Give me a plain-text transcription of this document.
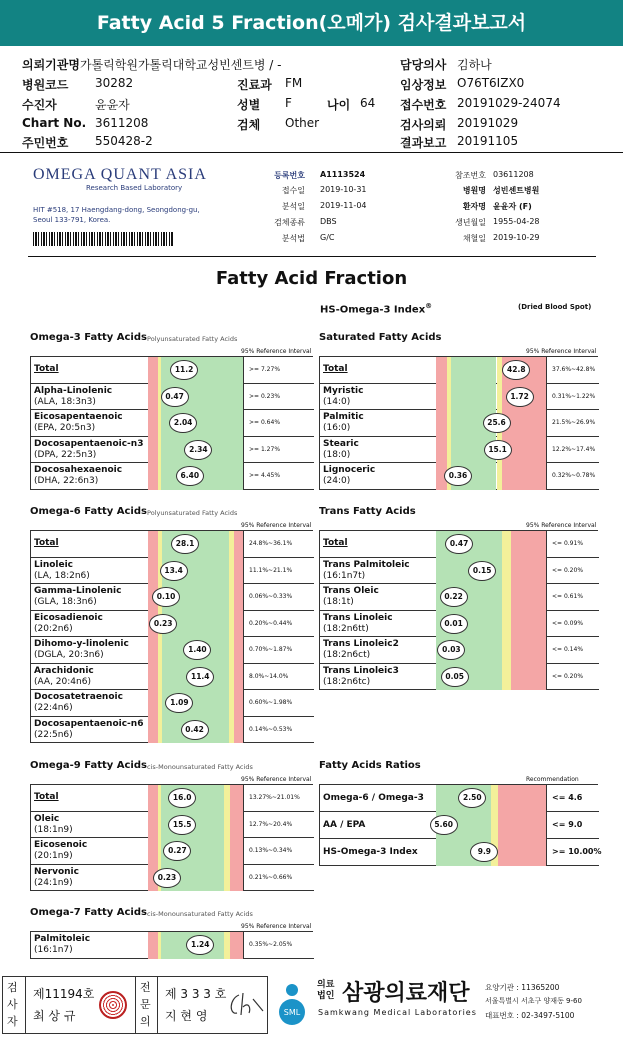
Fatty Acid 5 Fraction(오메가) 검사결과보고서
의뢰기관명 가톨릭학원가톨릭대학교성빈센트병 / -	담당의사 김하나
병원코드 30282	진료과 FM	임상정보 O76T6IZX0
수진자	윤윤자	성별 F	나이 64 접수번호 20191029-24074
Chart No. 3611208	검체 Other	검사의뢰 20191029
주민번호 550428-2	결과보고 20191105
OMEGA QUANT ASIA
Research Based Laboratory
HIT #518, 17 Haengdang-dong, Seongdong-gu,
Seoul 133-791, Korea.
등록번호 A1113524
접수일 2019-10-31
분석일 2019-11-04
검체종류 DBS
분석법 G/C
참조번호 03611208
병원명 성빈센트병원
환자명 윤윤자 (F)
생년월일 1955-04-28
채혈일 2019-10-29
Fatty Acid Fraction
HS-Omega-3 Index®	(Dried Blood Spot)
Omega-3 Fatty Acids Polyunsaturated Fatty Acids
95% Reference Interval
Total	11.2	>= 7.27%
Alpha-Linolenic
(ALA, 18:3n3)
0.47	>= 0.23%
Eicosapentaenoic
(EPA, 20:5n3)
2.04	>= 0.64%
Docosapentaenoic-n3
(DPA, 22:5n3)
2.34	>= 1.27%
Docosahexaenoic
(DHA, 22:6n3)
6.40	>= 4.45%
Saturated Fatty Acids
95% Reference Interval
Total	42.8	37.6%~42.8%
Myristic
(14:0)
1.72	0.31%~1.22%
Palmitic
(16:0)
25.6	21.5%~26.9%
Stearic
(18:0)
15.1	12.2%~17.4%
Lignoceric
(24:0)
0.36	0.32%~0.78%
Omega-6 Fatty Acids Polyunsaturated Fatty Acids
95% Reference Interval
Total	28.1	24.8%~36.1%
Linoleic
(LA, 18:2n6)
13.4	11.1%~21.1%
Gamma-Linolenic
(GLA, 18:3n6)
0.10	0.06%~0.33%
Eicosadienoic
(20:2n6)
0.23	0.20%~0.44%
Dihomo-y-linolenic
(DGLA, 20:3n6)
1.40	0.70%~1.87%
Arachidonic
(AA, 20:4n6)
11.4	8.0%~14.0%
Docosatetraenoic
(22:4n6)
1.09	0.60%~1.98%
Docosapentaenoic-n6
(22:5n6)
0.42	0.14%~0.53%
Trans Fatty Acids
95% Reference Interval
Total	0.47	<= 0.91%
Trans Palmitoleic
(16:1n7t)
0.15	<= 0.20%
Trans Oleic
(18:1t)
0.22	<= 0.61%
Trans Linoleic
(18:2n6tt)
0.01	<= 0.09%
Trans Linoleic2
(18:2n6ct)
0.03	<= 0.14%
Trans Linoleic3
(18:2n6tc)
0.05	<= 0.20%
Omega-9 Fatty Acids cis-Monounsaturated Fatty Acids
95% Reference Interval
Total	16.0	13.27%~21.01%
Oleic
(18:1n9)
15.5	12.7%~20.4%
Eicosenoic
(20:1n9)
0.27	0.13%~0.34%
Nervonic
(24:1n9)
0.23	0.21%~0.66%
Omega-7 Fatty Acids cis-Monounsaturated Fatty Acids
95% Reference Interval
Palmitoleic
(16:1n7)
1.24	0.35%~2.05%
Fatty Acids Ratios
Recommendation
Omega-6 / Omega-3	2.50	<= 4.6
AA / EPA	5.60	<= 9.0
HS-Omega-3 Index	9.9	>= 10.00%
검사자
제11194호
최 상 규
전문의
제 3 3 3 호
지 현 영	SML
의료법인 삼광의료재단
Samkwang Medical Laboratories
요양기관 : 11365200
서울특별시 서초구 양재동 9-60
대표번호 : 02-3497-5100
